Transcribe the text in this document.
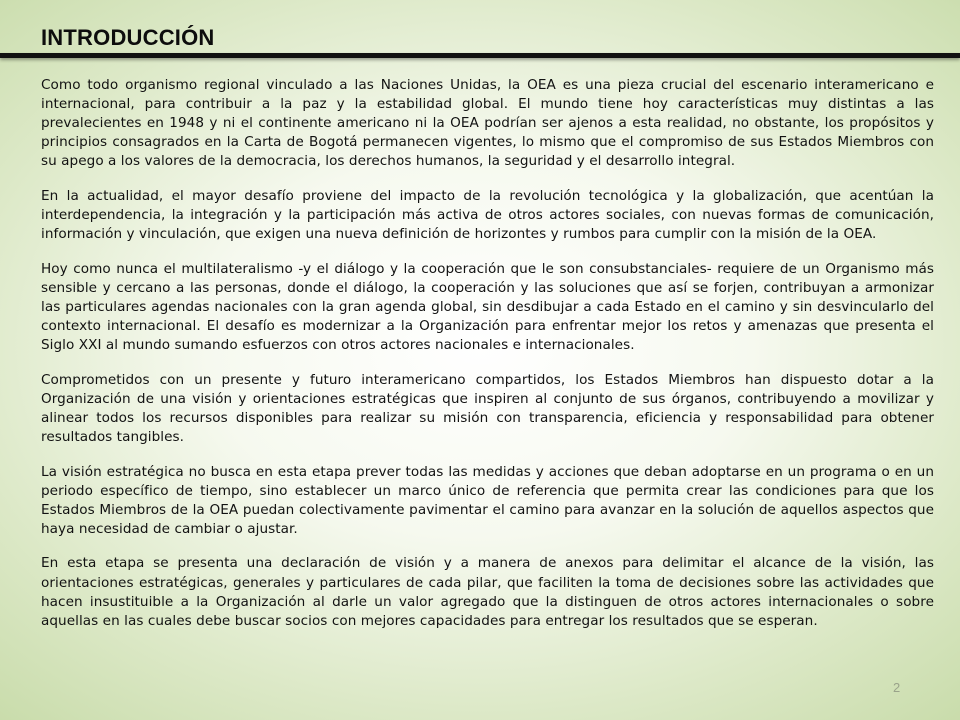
INTRODUCCIÓN

Como todo organismo regional vinculado a las Naciones Unidas, la OEA es una pieza crucial del escenario interamericano e internacional, para contribuir a la paz y la estabilidad global. El mundo tiene hoy características muy distintas a las prevalecientes en 1948 y ni el continente americano ni la OEA podrían ser ajenos a esta realidad, no obstante, los propósitos y principios consagrados en la Carta de Bogotá permanecen vigentes, lo mismo que el compromiso de sus Estados Miembros con su apego a los valores de la democracia, los derechos humanos, la seguridad y el desarrollo integral.

En la actualidad, el mayor desafío proviene del impacto de la revolución tecnológica y la globalización, que acentúan la interdependencia, la integración y la participación más activa de otros actores sociales, con nuevas formas de comunicación, información y vinculación, que exigen una nueva definición de horizontes y rumbos para cumplir con la misión de la OEA.

Hoy como nunca el multilateralismo -y el diálogo y la cooperación que le son consubstanciales- requiere de un Organismo más sensible y cercano a las personas, donde el diálogo, la cooperación y las soluciones que así se forjen, contribuyan a armonizar las particulares agendas nacionales con la gran agenda global, sin desdibujar a cada Estado en el camino y sin desvincularlo del contexto internacional. El desafío es modernizar a la Organización para enfrentar mejor los retos y amenazas que presenta el Siglo XXI al mundo sumando esfuerzos con otros actores nacionales e internacionales.

Comprometidos con un presente y futuro interamericano compartidos, los Estados Miembros han dispuesto dotar a la Organización de una visión y orientaciones estratégicas que inspiren al conjunto de sus órganos, contribuyendo a movilizar y alinear todos los recursos disponibles para realizar su misión con transparencia, eficiencia y responsabilidad para obtener resultados tangibles.

La visión estratégica no busca en esta etapa prever todas las medidas y acciones que deban adoptarse en un programa o en un periodo específico de tiempo, sino establecer un marco único de referencia que permita crear las condiciones para que los Estados Miembros de la OEA puedan colectivamente pavimentar el camino para avanzar en la solución de aquellos aspectos que haya necesidad de cambiar o ajustar.

En esta etapa se presenta una declaración de visión y a manera de anexos para delimitar el alcance de la visión, las orientaciones estratégicas, generales y particulares de cada pilar, que faciliten la toma de decisiones sobre las actividades que hacen insustituible a la Organización al darle un valor agregado que la distinguen de otros actores internacionales o sobre aquellas en las cuales debe buscar socios con mejores capacidades para entregar los resultados que se esperan.

2
